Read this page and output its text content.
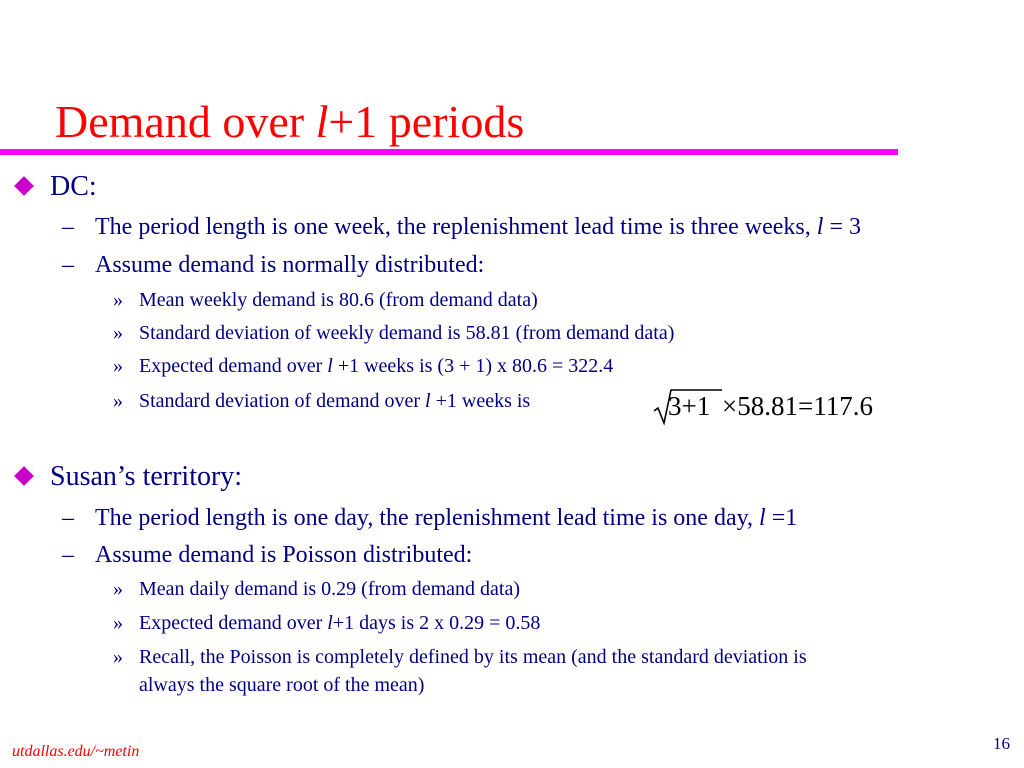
Demand over l+1 periods
DC:
– The period length is one week, the replenishment lead time is three weeks, l = 3
– Assume demand is normally distributed:
» Mean weekly demand is 80.6 (from demand data)
» Standard deviation of weekly demand is 58.81 (from demand data)
» Expected demand over l +1 weeks is (3 + 1) x 80.6 = 322.4
» Standard deviation of demand over l +1 weeks is	3+1 ×58.81=117.6
Susan’s territory:
– The period length is one day, the replenishment lead time is one day, l =1
– Assume demand is Poisson distributed:
» Mean daily demand is 0.29 (from demand data)
» Expected demand over l+1 days is 2 x 0.29 = 0.58
» Recall, the Poisson is completely defined by its mean (and the standard deviation is
always the square root of the mean)
utdallas.edu/~metin	16
